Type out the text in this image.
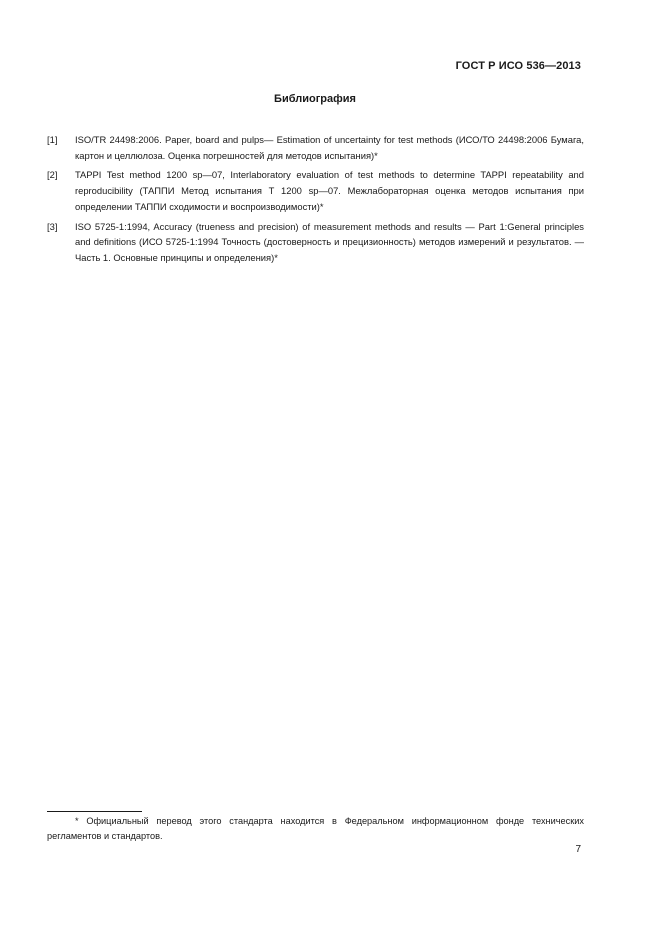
ГОСТ Р ИСО 536—2013
Библиография
[1]	ISO/TR 24498:2006. Paper, board and pulps— Estimation of uncertainty for test methods (ИСО/ТО 24498:2006 Бумага, картон и целлюлоза. Оценка погрешностей для методов испытания)*
[2]	TAPPI Test method 1200 sp—07, Interlaboratory evaluation of test methods to determine TAPPI repeatability and reproducibility (ТАППИ Метод испытания Т 1200 sp—07. Межлабораторная оценка методов испытания при определении ТАППИ сходимости и воспроизводимости)*
[3]	ISO 5725-1:1994, Accuracy (trueness and precision) of measurement methods and results — Part 1:General principles and definitions (ИСО 5725-1:1994 Точность (достоверность и прецизионность) методов измерений и результатов. — Часть 1. Основные принципы и определения)*
* Официальный перевод этого стандарта находится в Федеральном информационном фонде технических регламентов и стандартов.
7
